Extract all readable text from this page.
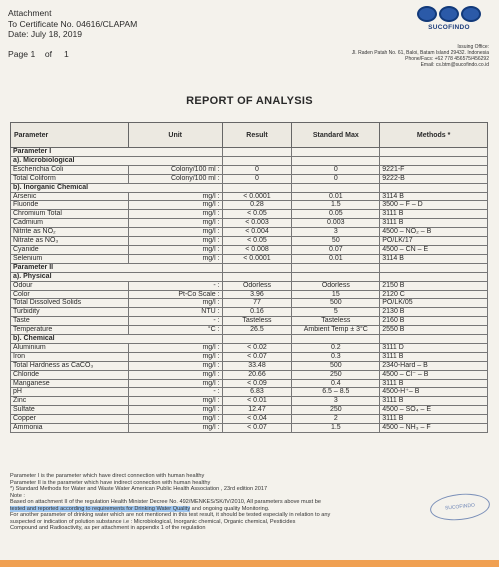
Attachment
To Certificate No. 04616/CLAPAM
Date: July 18, 2019
Page 1 of 1
SUCOFINDO
Issuing Office:
Jl. Raden Patah No. 61, Baloi, Batam Island 29432. Indonesia
Phone/Facs: +62 778 456575/456292
Email: cs.btm@sucofindo.co.id
REPORT OF ANALYSIS
Parameter	Unit	Result	Standard Max	Methods *
Parameter I				
a). Microbiological				
Escherichia Coli	Colony/100 ml :	0	0	9221-F
Total Coliform	Colony/100 ml :	0	0	9222-B
b). Inorganic Chemical				
Arsenic	mg/l :	< 0.0001	0.01	3114 B
Fluoride	mg/l :	0.28	1.5	3500 – F – D
Chromium Total	mg/l :	< 0.05	0.05	3111 B
Cadmium	mg/l :	< 0.003	0.003	3111 B
Nitrite as NO₂	mg/l :	< 0.004	3	4500 – NO₂ – B
Nitrate as NO₃	mg/l :	< 0.05	50	PO/LK/17
Cyanide	mg/l :	< 0.008	0.07	4500 – CN – E
Selenium	mg/l :	< 0.0001	0.01	3114 B
Parameter II				
a). Physical				
Odour	- :	Odorless	Odorless	2150 B
Color	Pt-Co Scale :	3.96	15	2120 C
Total Dissolved Solids	mg/l :	77	500	PO/LK/05
Turbidity	NTU :	0.16	5	2130 B
Taste	- :	Tasteless	Tasteless	2160 B
Temperature	°C :	26.5	Ambient Temp ± 3°C	2550 B
b). Chemical				
Aluminium	mg/l :	< 0.02	0.2	3111 D
Iron	mg/l :	< 0.07	0.3	3111 B
Total Hardness as CaCO₃	mg/l :	33.48	500	2340-Hard – B
Chloride	mg/l :	20.66	250	4500 – Cl⁻ – B
Manganese	mg/l :	< 0.09	0.4	3111 B
pH	- :	6.83	6.5 – 8.5	4500-H⁺– B
Zinc	mg/l :	< 0.01	3	3111 B
Sulfate	mg/l :	12.47	250	4500 – SO₄ – E
Copper	mg/l :	< 0.04	2	3111 B
Ammonia	mg/l :	< 0.07	1.5	4500 – NH₃ – F
Parameter I is the parameter which have direct connection with human healthy
Parameter II is the parameter which have indirect connection with human healthy
*) Standard Methods for Water and Waste Water American Public Health Association , 23rd edition 2017
Note :
Based on attachment II of the regulation Health Minister Decree No. 492/MENKES/SK/IV/2010, All parameters above must be
tested and reported according to requirements for Drinking Water Quality and ongoing quality Monitoring.
For another parameter of drinking water which are not mentioned in this test result, it should be tested especially in relation to any
suspected or indication of polution substance i.e : Microbiological, Inorganic chemical, Organic chemical, Pesticides
Compound and Radioactivity, as per attachment in appendix 1 of the regulation
SUCOFINDO
